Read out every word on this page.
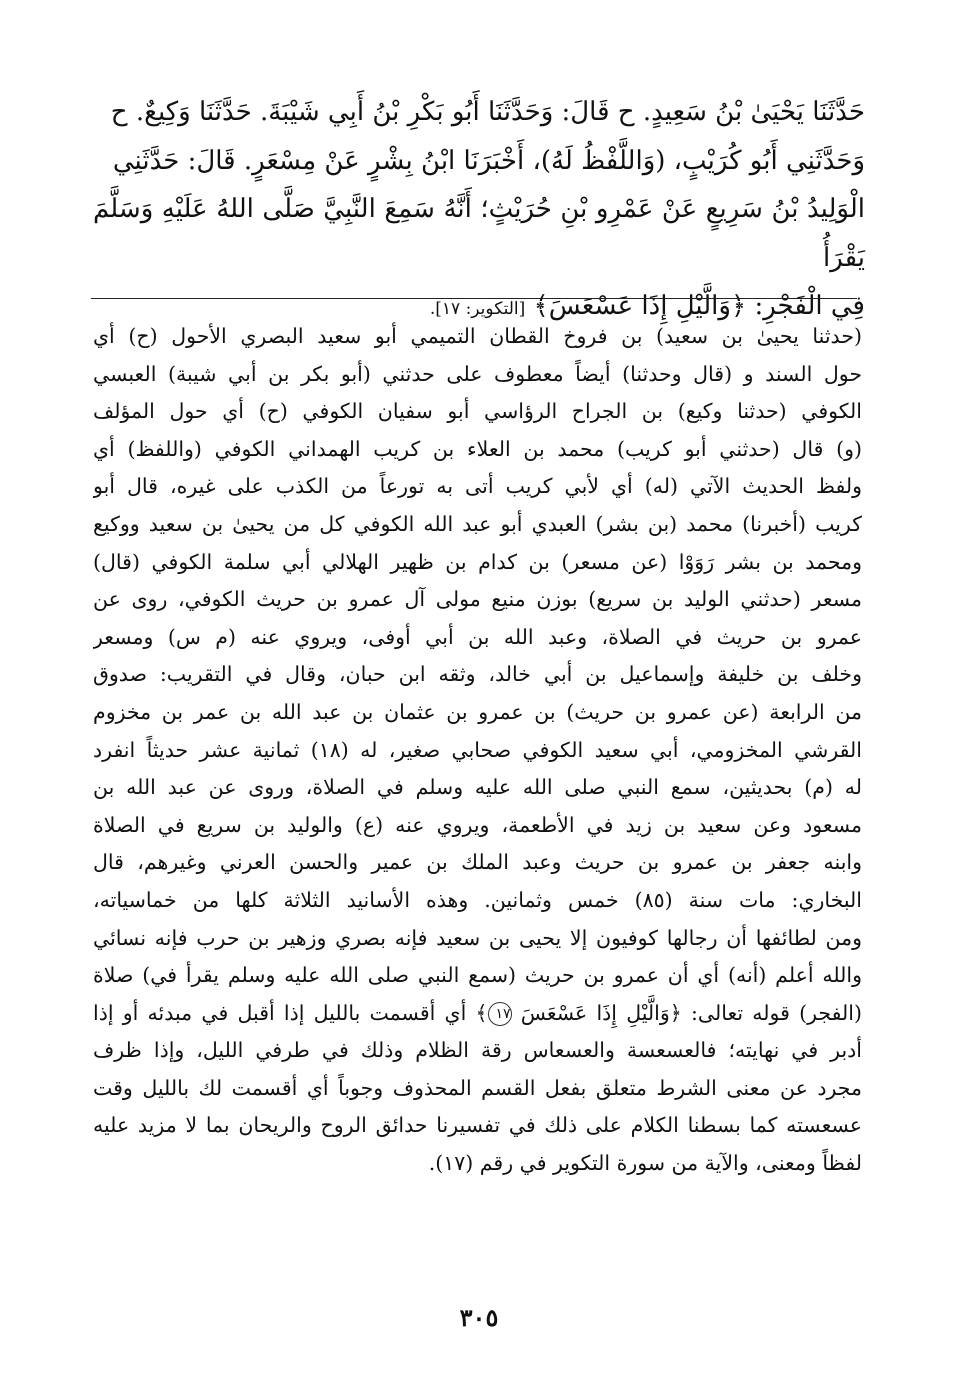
حَدَّثَنَا يَحْيَىٰ بْنُ سَعِيدٍ. ح قَالَ: وَحَدَّثَنَا أَبُو بَكْرِ بْنُ أَبِي شَيْبَةَ. حَدَّثَنَا وَكِيعٌ. ح

وَحَدَّثَنِي أَبُو كُرَيْبٍ، (وَاللَّفْظُ لَهُ)، أَخْبَرَنَا ابْنُ بِشْرٍ عَنْ مِسْعَرٍ. قَالَ: حَدَّثَنِي

الْوَلِيدُ بْنُ سَرِيعٍ عَنْ عَمْرِو بْنِ حُرَيْثٍ؛ أَنَّهُ سَمِعَ النَّبِيَّ صَلَّى اللهُ عَلَيْهِ وَسَلَّمَ يَقْرَأُ

فِي الْفَجْرِ: ﴿وَالَّيْلِ إِذَا عَسْعَسَ﴾ [التكوير: ١٧].

(حدثنا يحيىٰ بن سعيد) بن فروخ القطان التميمي أبو سعيد البصري الأحول (ح) أي
حول السند و (قال وحدثنا) أيضاً معطوف على حدثني (أبو بكر بن أبي شيبة) العبسي
الكوفي (حدثنا وكيع) بن الجراح الرؤاسي أبو سفيان الكوفي (ح) أي حول المؤلف
(و) قال (حدثني أبو كريب) محمد بن العلاء بن كريب الهمداني الكوفي (واللفظ) أي
ولفظ الحديث الآتي (له) أي لأبي كريب أتى به تورعاً من الكذب على غيره، قال أبو
كريب (أخبرنا) محمد (بن بشر) العبدي أبو عبد الله الكوفي كل من يحيىٰ بن سعيد ووكيع
ومحمد بن بشر رَوَوْا (عن مسعر) بن كدام بن ظهير الهلالي أبي سلمة الكوفي (قال)
مسعر (حدثني الوليد بن سريع) بوزن منيع مولى آل عمرو بن حريث الكوفي، روى عن
عمرو بن حريث في الصلاة، وعبد الله بن أبي أوفى، ويروي عنه (م س) ومسعر
وخلف بن خليفة وإسماعيل بن أبي خالد، وثقه ابن حبان، وقال في التقريب: صدوق
من الرابعة (عن عمرو بن حريث) بن عمرو بن عثمان بن عبد الله بن عمر بن مخزوم
القرشي المخزومي، أبي سعيد الكوفي صحابي صغير، له (١٨) ثمانية عشر حديثاً انفرد
له (م) بحديثين، سمع النبي صلى الله عليه وسلم في الصلاة، وروى عن عبد الله بن
مسعود وعن سعيد بن زيد في الأطعمة، ويروي عنه (ع) والوليد بن سريع في الصلاة
وابنه جعفر بن عمرو بن حريث وعبد الملك بن عمير والحسن العرني وغيرهم، قال
البخاري: مات سنة (٨٥) خمس وثمانين. وهذه الأسانيد الثلاثة كلها من خماسياته،
ومن لطائفها أن رجالها كوفيون إلا يحيى بن سعيد فإنه بصري وزهير بن حرب فإنه نسائي
والله أعلم (أنه) أي أن عمرو بن حريث (سمع النبي صلى الله عليه وسلم يقرأ في) صلاة
(الفجر) قوله تعالى: ﴿وَالَّيْلِ إِذَا عَسْعَسَ ١٧﴾ أي أقسمت بالليل إذا أقبل في مبدئه أو إذا
أدبر في نهايته؛ فالعسعسة والعسعاس رقة الظلام وذلك في طرفي الليل، وإذا ظرف
مجرد عن معنى الشرط متعلق بفعل القسم المحذوف وجوباً أي أقسمت لك بالليل وقت
عسعسته كما بسطنا الكلام على ذلك في تفسيرنا حدائق الروح والريحان بما لا مزيد عليه
لفظاً ومعنى، والآية من سورة التكوير في رقم (١٧).
٣٠٥
